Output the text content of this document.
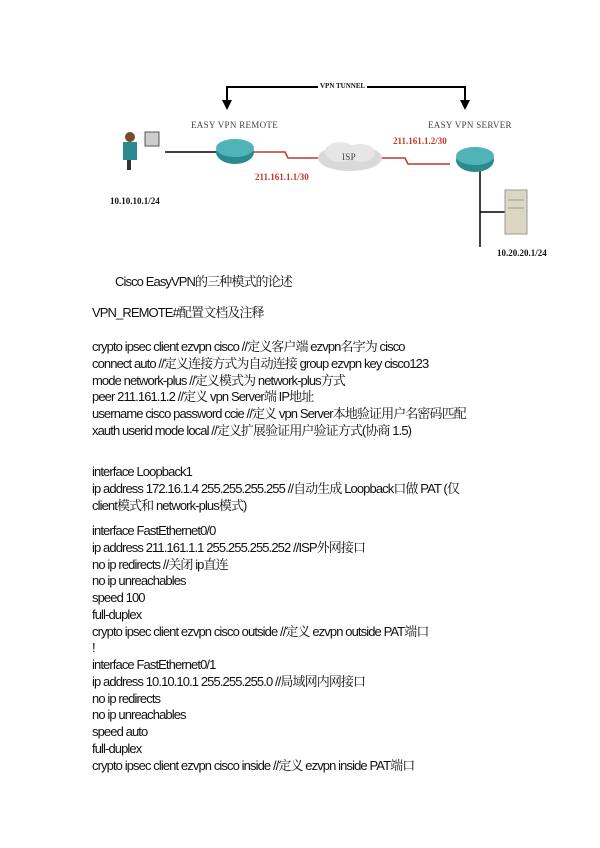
VPN TUNNEL
EASY VPN REMOTE	EASY VPN SERVER
ISP
211.161.1.1/30
211.161.1.2/30
10.10.10.1/24
10.20.20.1/24
Cisco EasyVPN的三种模式的论述
VPN_REMOTE#配置文档及注释
crypto ipsec client ezvpn cisco //定义客户端 ezvpn名字为 cisco
connect auto //定义连接方式为自动连接 group ezvpn key cisco123
mode network-plus //定义模式为 network-plus方式
peer 211.161.1.2 //定义 vpn Server端 IP地址
username cisco password ccie //定义 vpn Server本地验证用户名密码匹配
xauth userid mode local //定义扩展验证用户验证方式(协商 1.5)
interface Loopback1
ip address 172.16.1.4 255.255.255.255 //自动生成 Loopback口做 PAT (仅
client模式和 network-plus模式)
interface FastEthernet0/0
ip address 211.161.1.1 255.255.255.252 //ISP外网接口
no ip redirects //关闭 ip直连
no ip unreachables
speed 100
full-duplex
crypto ipsec client ezvpn cisco outside //定义 ezvpn outside PAT端口
!
interface FastEthernet0/1
ip address 10.10.10.1 255.255.255.0 //局域网内网接口
no ip redirects
no ip unreachables
speed auto
full-duplex
crypto ipsec client ezvpn cisco inside //定义 ezvpn inside PAT端口
